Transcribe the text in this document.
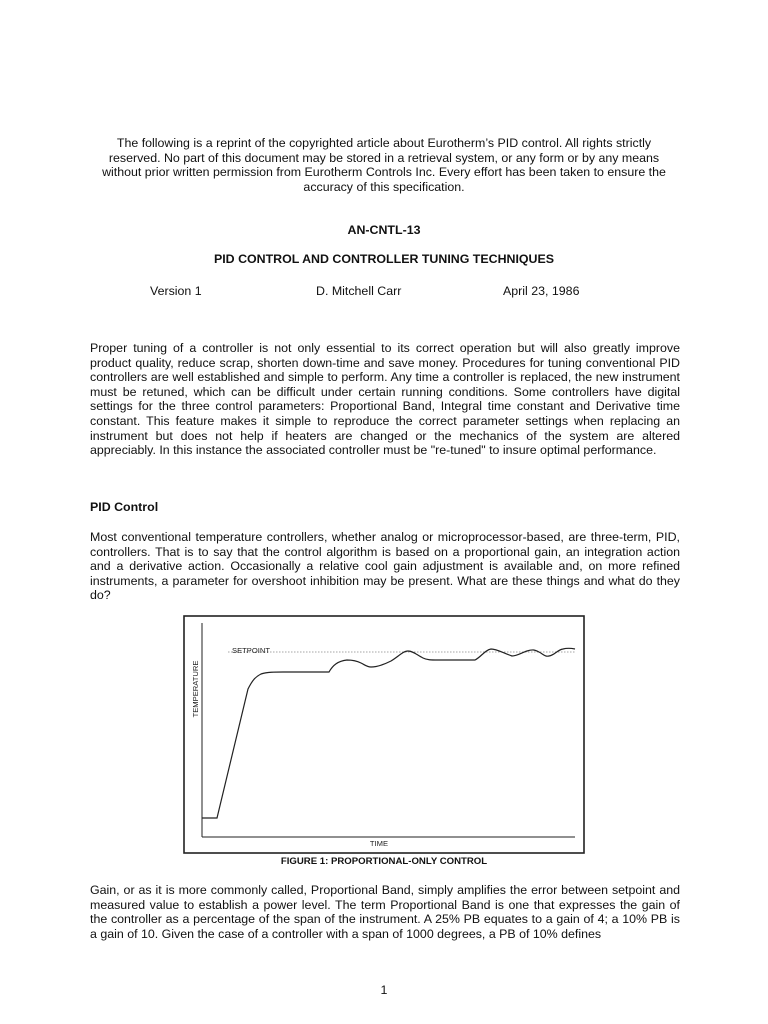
The following is a reprint of the copyrighted article about Eurotherm’s PID control. All rights strictly

reserved. No part of this document may be stored in a retrieval system, or any form or by any means

without prior written permission from Eurotherm Controls Inc. Every effort has been taken to ensure the

accuracy of this specification.

AN-CNTL-13
PID CONTROL AND CONTROLLER TUNING TECHNIQUES
Version 1	D. Mitchell Carr	April 23, 1986

Proper tuning of a controller is not only essential to its correct operation but will also greatly improve product quality, reduce scrap, shorten down-time and save money. Procedures for tuning conventional PID controllers are well established and simple to perform. Any time a controller is replaced, the new instrument must be retuned, which can be difficult under certain running conditions. Some controllers have digital settings for the three control parameters: Proportional Band, Integral time constant and Derivative time constant. This feature makes it simple to reproduce the correct parameter settings when replacing an instrument but does not help if heaters are changed or the mechanics of the system are altered appreciably. In this instance the associated controller must be "re-tuned" to insure optimal performance.

PID Control

Most conventional temperature controllers, whether analog or microprocessor-based, are three-term, PID, controllers. That is to say that the control algorithm is based on a proportional gain, an integration action and a derivative action. Occasionally a relative cool gain adjustment is available and, on more refined instruments, a parameter for overshoot inhibition may be present. What are these things and what do they do?

SETPOINT
TEMPERATURE
TIME
FIGURE 1: PROPORTIONAL-ONLY CONTROL

Gain, or as it is more commonly called, Proportional Band, simply amplifies the error between setpoint and measured value to establish a power level. The term Proportional Band is one that expresses the gain of the controller as a percentage of the span of the instrument. A 25% PB equates to a gain of 4; a 10% PB is a gain of 10. Given the case of a controller with a span of 1000 degrees, a PB of 10% defines

1
